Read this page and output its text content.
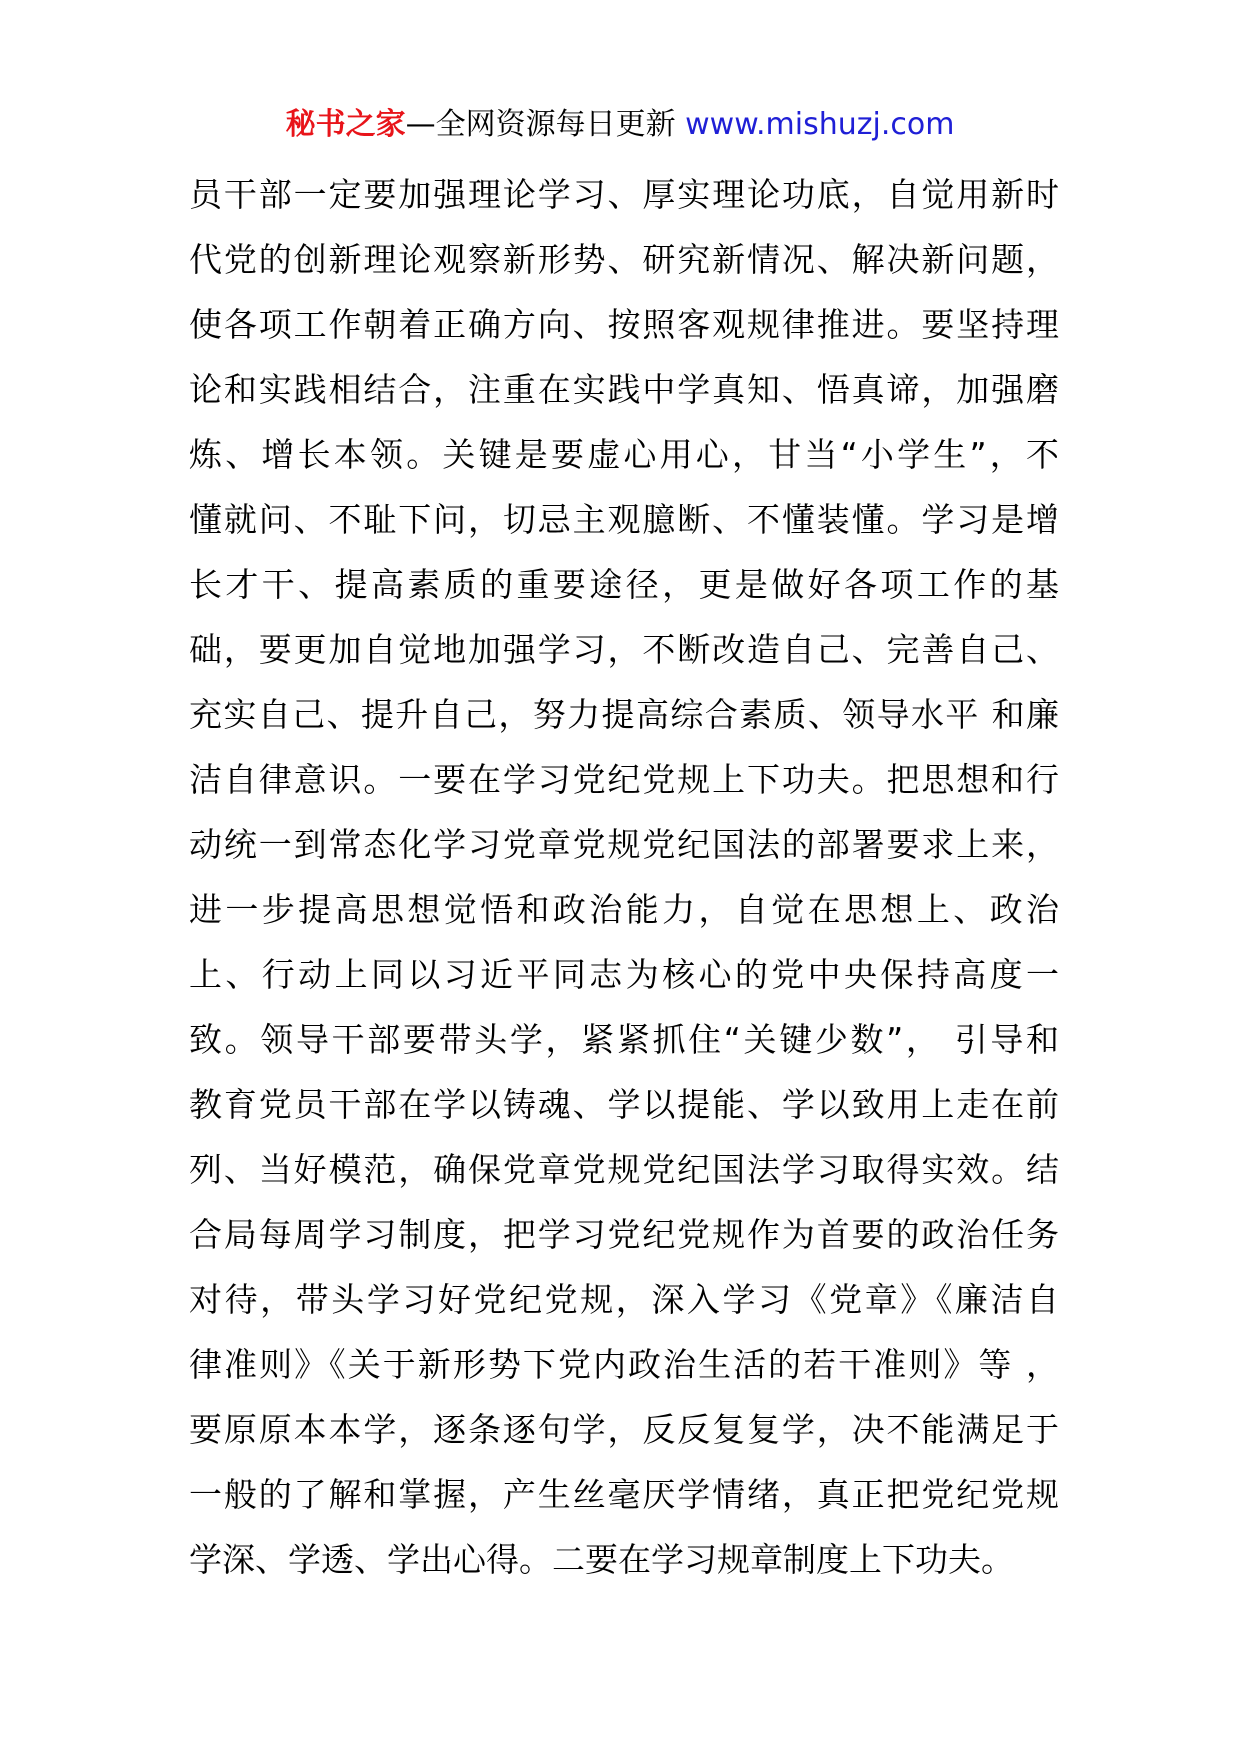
秘书之家—全网资源每日更新 www.mishuzj.com
员干部一定要加强理论学习、厚实理论功底，自觉用新时
代党的创新理论观察新形势、研究新情况、解决新问题，
使各项工作朝着正确方向、按照客观规律推进。要坚持理
论和实践相结合，注重在实践中学真知、悟真谛，加强磨
炼、增长本领。关键是要虚心用心，甘当“小学生”，不
懂就问、不耻下问，切忌主观臆断、不懂装懂。学习是增
长才干、提高素质的重要途径，更是做好各项工作的基
础，要更加自觉地加强学习，不断改造自己、完善自己、
充实自己、提升自己，努力提高综合素质、领导水平 和廉
洁自律意识。一要在学习党纪党规上下功夫。把思想和行
动统一到常态化学习党章党规党纪国法的部署要求上来，
进一步提高思想觉悟和政治能力，自觉在思想上、政治
上、行动上同以习近平同志为核心的党中央保持高度一
致。领导干部要带头学，紧紧抓住“关键少数”， 引导和
教育党员干部在学以铸魂、学以提能、学以致用上走在前
列、当好模范，确保党章党规党纪国法学习取得实效。结
合局每周学习制度，把学习党纪党规作为首要的政治任务
对待，带头学习好党纪党规，深入学习《党章》《廉洁自
律准则》《关于新形势下党内政治生活的若干准则》等 ，
要原原本本学，逐条逐句学，反反复复学，决不能满足于
一般的了解和掌握，产生丝毫厌学情绪，真正把党纪党规
学深、学透、学出心得。二要在学习规章制度上下功夫。
